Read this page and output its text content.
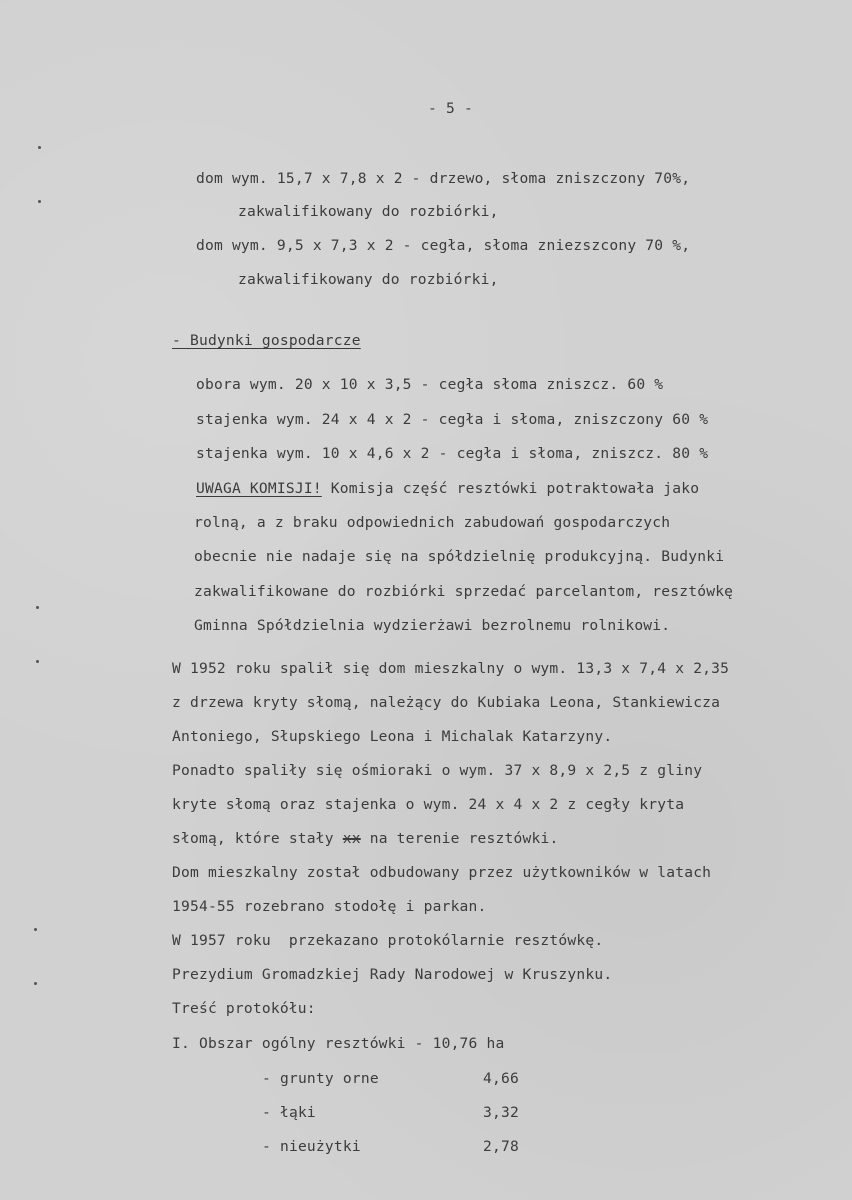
- 5 -
dom wym. 15,7 x 7,8 x 2 - drzewo, słoma zniszczony 70%,
zakwalifikowany do rozbiórki,
dom wym. 9,5 x 7,3 x 2 - cegła, słoma zniezszcony 70 %,
zakwalifikowany do rozbiórki,
- Budynki gospodarcze
obora wym. 20 x 10 x 3,5 - cegła słoma zniszcz. 60 %
stajenka wym. 24 x 4 x 2 - cegła i słoma, zniszczony 60 %
stajenka wym. 10 x 4,6 x 2 - cegła i słoma, zniszcz. 80 %
UWAGA KOMISJI! Komisja część resztówki potraktowała jako
rolną, a z braku odpowiednich zabudowań gospodarczych
obecnie nie nadaje się na spółdzielnię produkcyjną. Budynki
zakwalifikowane do rozbiórki sprzedać parcelantom, resztówkę
Gminna Spółdzielnia wydzierżawi bezrolnemu rolnikowi.
W 1952 roku spalił się dom mieszkalny o wym. 13,3 x 7,4 x 2,35
z drzewa kryty słomą, należący do Kubiaka Leona, Stankiewicza
Antoniego, Słupskiego Leona i Michalak Katarzyny.
Ponadto spaliły się ośmioraki o wym. 37 x 8,9 x 2,5 z gliny
kryte słomą oraz stajenka o wym. 24 x 4 x 2 z cegły kryta
słomą, które stały xx na terenie resztówki.
Dom mieszkalny został odbudowany przez użytkowników w latach
1954-55 rozebrano stodołę i parkan.
W 1957 roku  przekazano protokólarnie resztówkę.
Prezydium Gromadzkiej Rady Narodowej w Kruszynku.
Treść protokółu:
I. Obszar ogólny resztówki - 10,76 ha
- grunty orne	4,66
- łąki	3,32
- nieużytki	2,78
